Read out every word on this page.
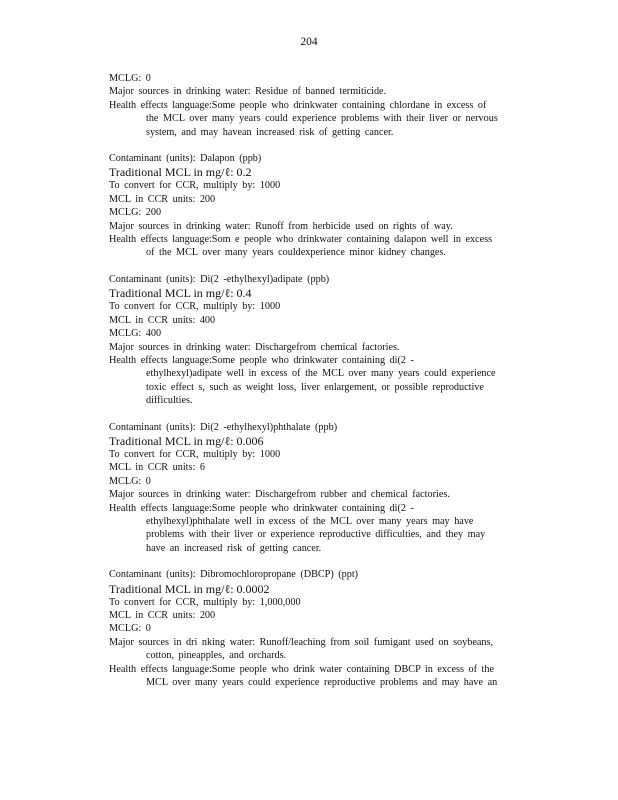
204
MCLG: 0
Major sources in drinking water: Residue of banned termiticide.
Health effects language:Some people who drinkwater containing chlordane in excess of
the MCL over many years could experience problems with their liver or nervous
system, and may havean increased risk of getting cancer.
Contaminant (units): Dalapon (ppb)
Traditional MCL in mg/ℓ: 0.2
To convert for CCR, multiply by: 1000
MCL in CCR units: 200
MCLG: 200
Major sources in drinking water: Runoff from herbicide used on rights of way.
Health effects language:Som e people who drinkwater containing dalapon well in excess
of the MCL over many years couldexperience minor kidney changes.
Contaminant (units): Di(2 -ethylhexyl)adipate (ppb)
Traditional MCL in mg/ℓ: 0.4
To convert for CCR, multiply by: 1000
MCL in CCR units: 400
MCLG: 400
Major sources in drinking water: Dischargefrom chemical factories.
Health effects language:Some people who drinkwater containing di(2 -
ethylhexyl)adipate well in excess of the MCL over many years could experience
toxic effect s, such as weight loss, liver enlargement, or possible reproductive
difficulties.
Contaminant (units): Di(2 -ethylhexyl)phthalate (ppb)
Traditional MCL in mg/ℓ: 0.006
To convert for CCR, multiply by: 1000
MCL in CCR units: 6
MCLG: 0
Major sources in drinking water: Dischargefrom rubber and chemical factories.
Health effects language:Some people who drinkwater containing di(2 -
ethylhexyl)phthalate well in excess of the MCL over many years may have
problems with their liver or experience reproductive difficulties, and they may
have an increased risk of getting cancer.
Contaminant (units): Dibromochloropropane (DBCP) (ppt)
Traditional MCL in mg/ℓ: 0.0002
To convert for CCR, multiply by: 1,000,000
MCL in CCR units: 200
MCLG: 0
Major sources in dri nking water: Runoff/leaching from soil fumigant used on soybeans,
cotton, pineapples, and orchards.
Health effects language:Some people who drink water containing DBCP in excess of the
MCL over many years could experience reproductive problems and may have an
